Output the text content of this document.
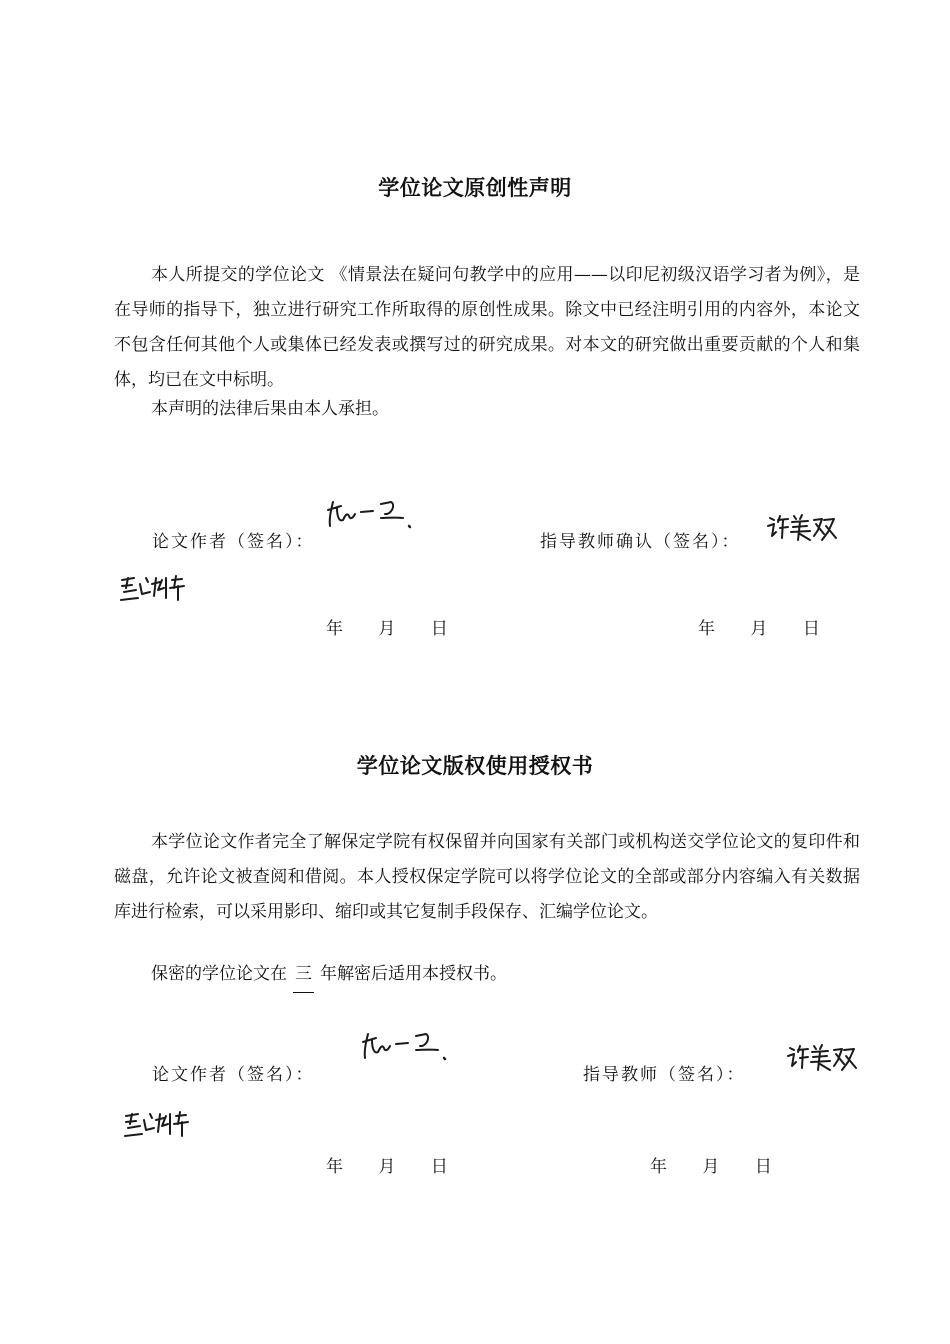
学位论文原创性声明

本人所提交的学位论文 《情景法在疑问句教学中的应用——以印尼初级汉语学习者为例》，是在导师的指导下，独立进行研究工作所取得的原创性成果。除文中已经注明引用的内容外，本论文不包含任何其他个人或集体已经发表或撰写过的研究成果。对本文的研究做出重要贡献的个人和集体，均已在文中标明。

本声明的法律后果由本人承担。
论文作者（签名）：	指导教师确认（签名）：
年 月 日	年 月 日
学位论文版权使用授权书

本学位论文作者完全了解保定学院有权保留并向国家有关部门或机构送交学位论文的复印件和磁盘，允许论文被查阅和借阅。本人授权保定学院可以将学位论文的全部或部分内容编入有关数据库进行检索，可以采用影印、缩印或其它复制手段保存、汇编学位论文。

保密的学位论文在 三 年解密后适用本授权书。
论文作者（签名）：	指导教师（签名）：
年 月 日	年 月 日
